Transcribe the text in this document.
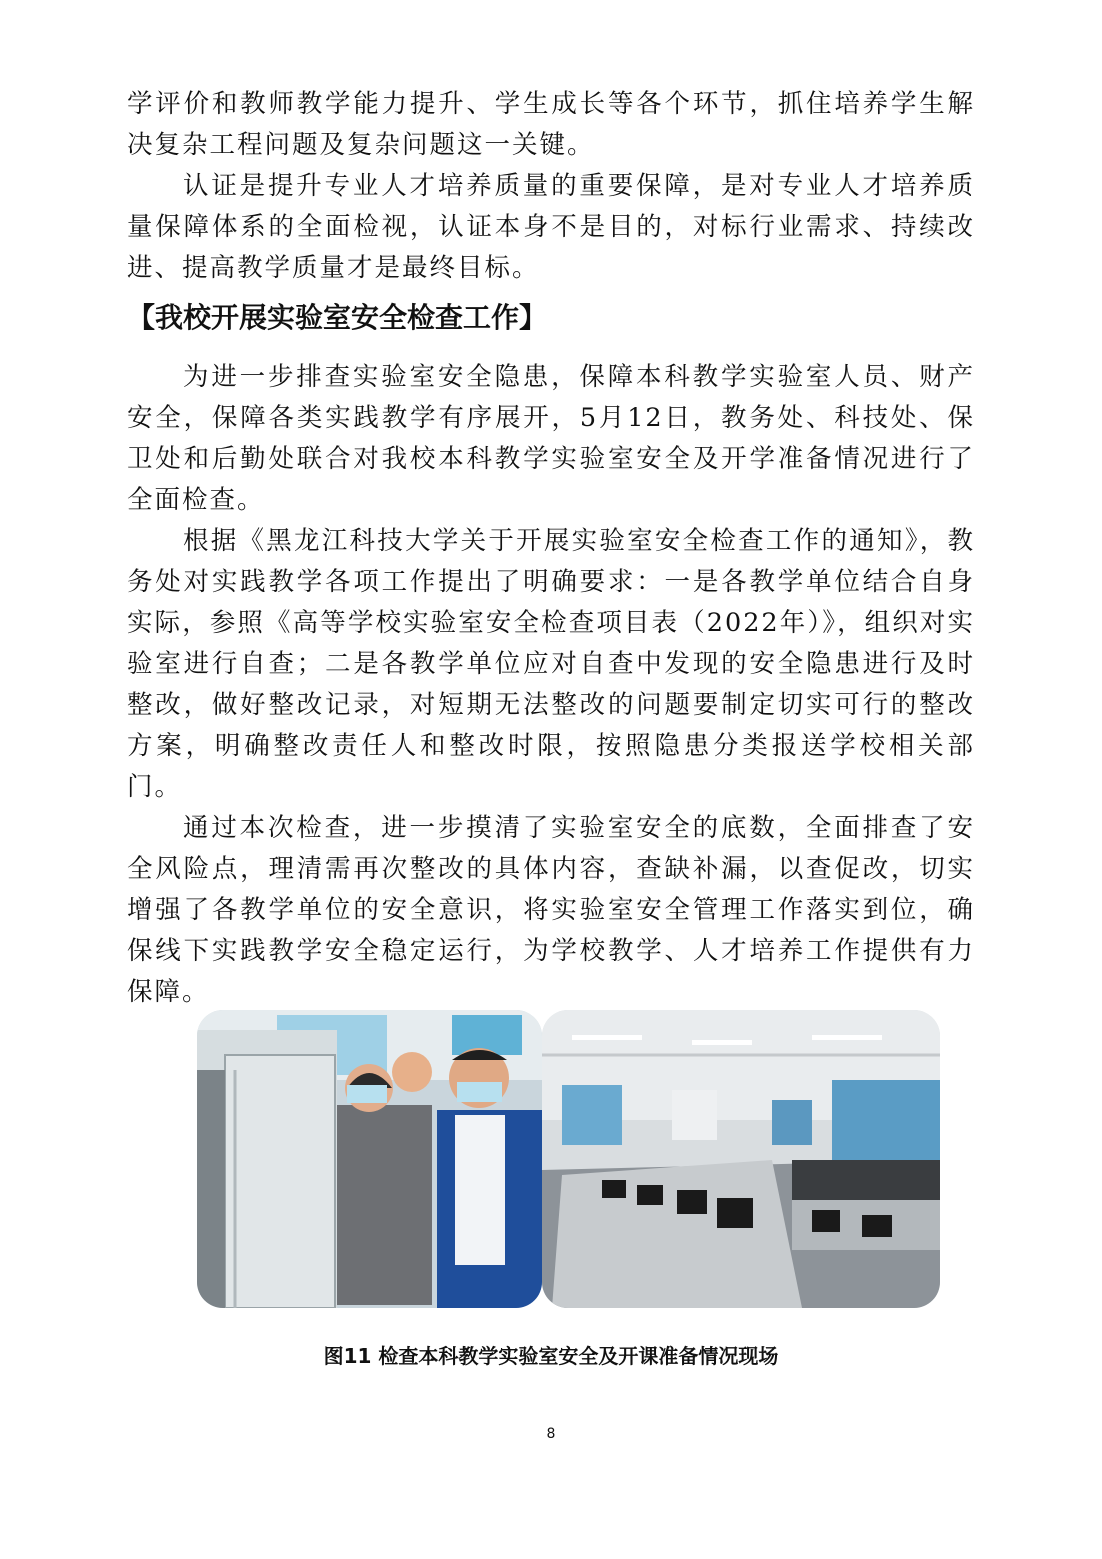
学评价和教师教学能力提升、学生成长等各个环节，抓住培养学生解决复杂工程问题及复杂问题这一关键。

认证是提升专业人才培养质量的重要保障，是对专业人才培养质量保障体系的全面检视，认证本身不是目的，对标行业需求、持续改进、提高教学质量才是最终目标。

【我校开展实验室安全检查工作】

为进一步排查实验室安全隐患，保障本科教学实验室人员、财产安全，保障各类实践教学有序展开，5月12日，教务处、科技处、保卫处和后勤处联合对我校本科教学实验室安全及开学准备情况进行了全面检查。

根据《黑龙江科技大学关于开展实验室安全检查工作的通知》，教务处对实践教学各项工作提出了明确要求：一是各教学单位结合自身实际，参照《高等学校实验室安全检查项目表（2022年）》，组织对实验室进行自查；二是各教学单位应对自查中发现的安全隐患进行及时整改，做好整改记录，对短期无法整改的问题要制定切实可行的整改方案，明确整改责任人和整改时限，按照隐患分类报送学校相关部门。

通过本次检查，进一步摸清了实验室安全的底数，全面排查了安全风险点，理清需再次整改的具体内容，查缺补漏，以查促改，切实增强了各教学单位的安全意识，将实验室安全管理工作落实到位，确保线下实践教学安全稳定运行，为学校教学、人才培养工作提供有力保障。

图11 检查本科教学实验室安全及开课准备情况现场
8
